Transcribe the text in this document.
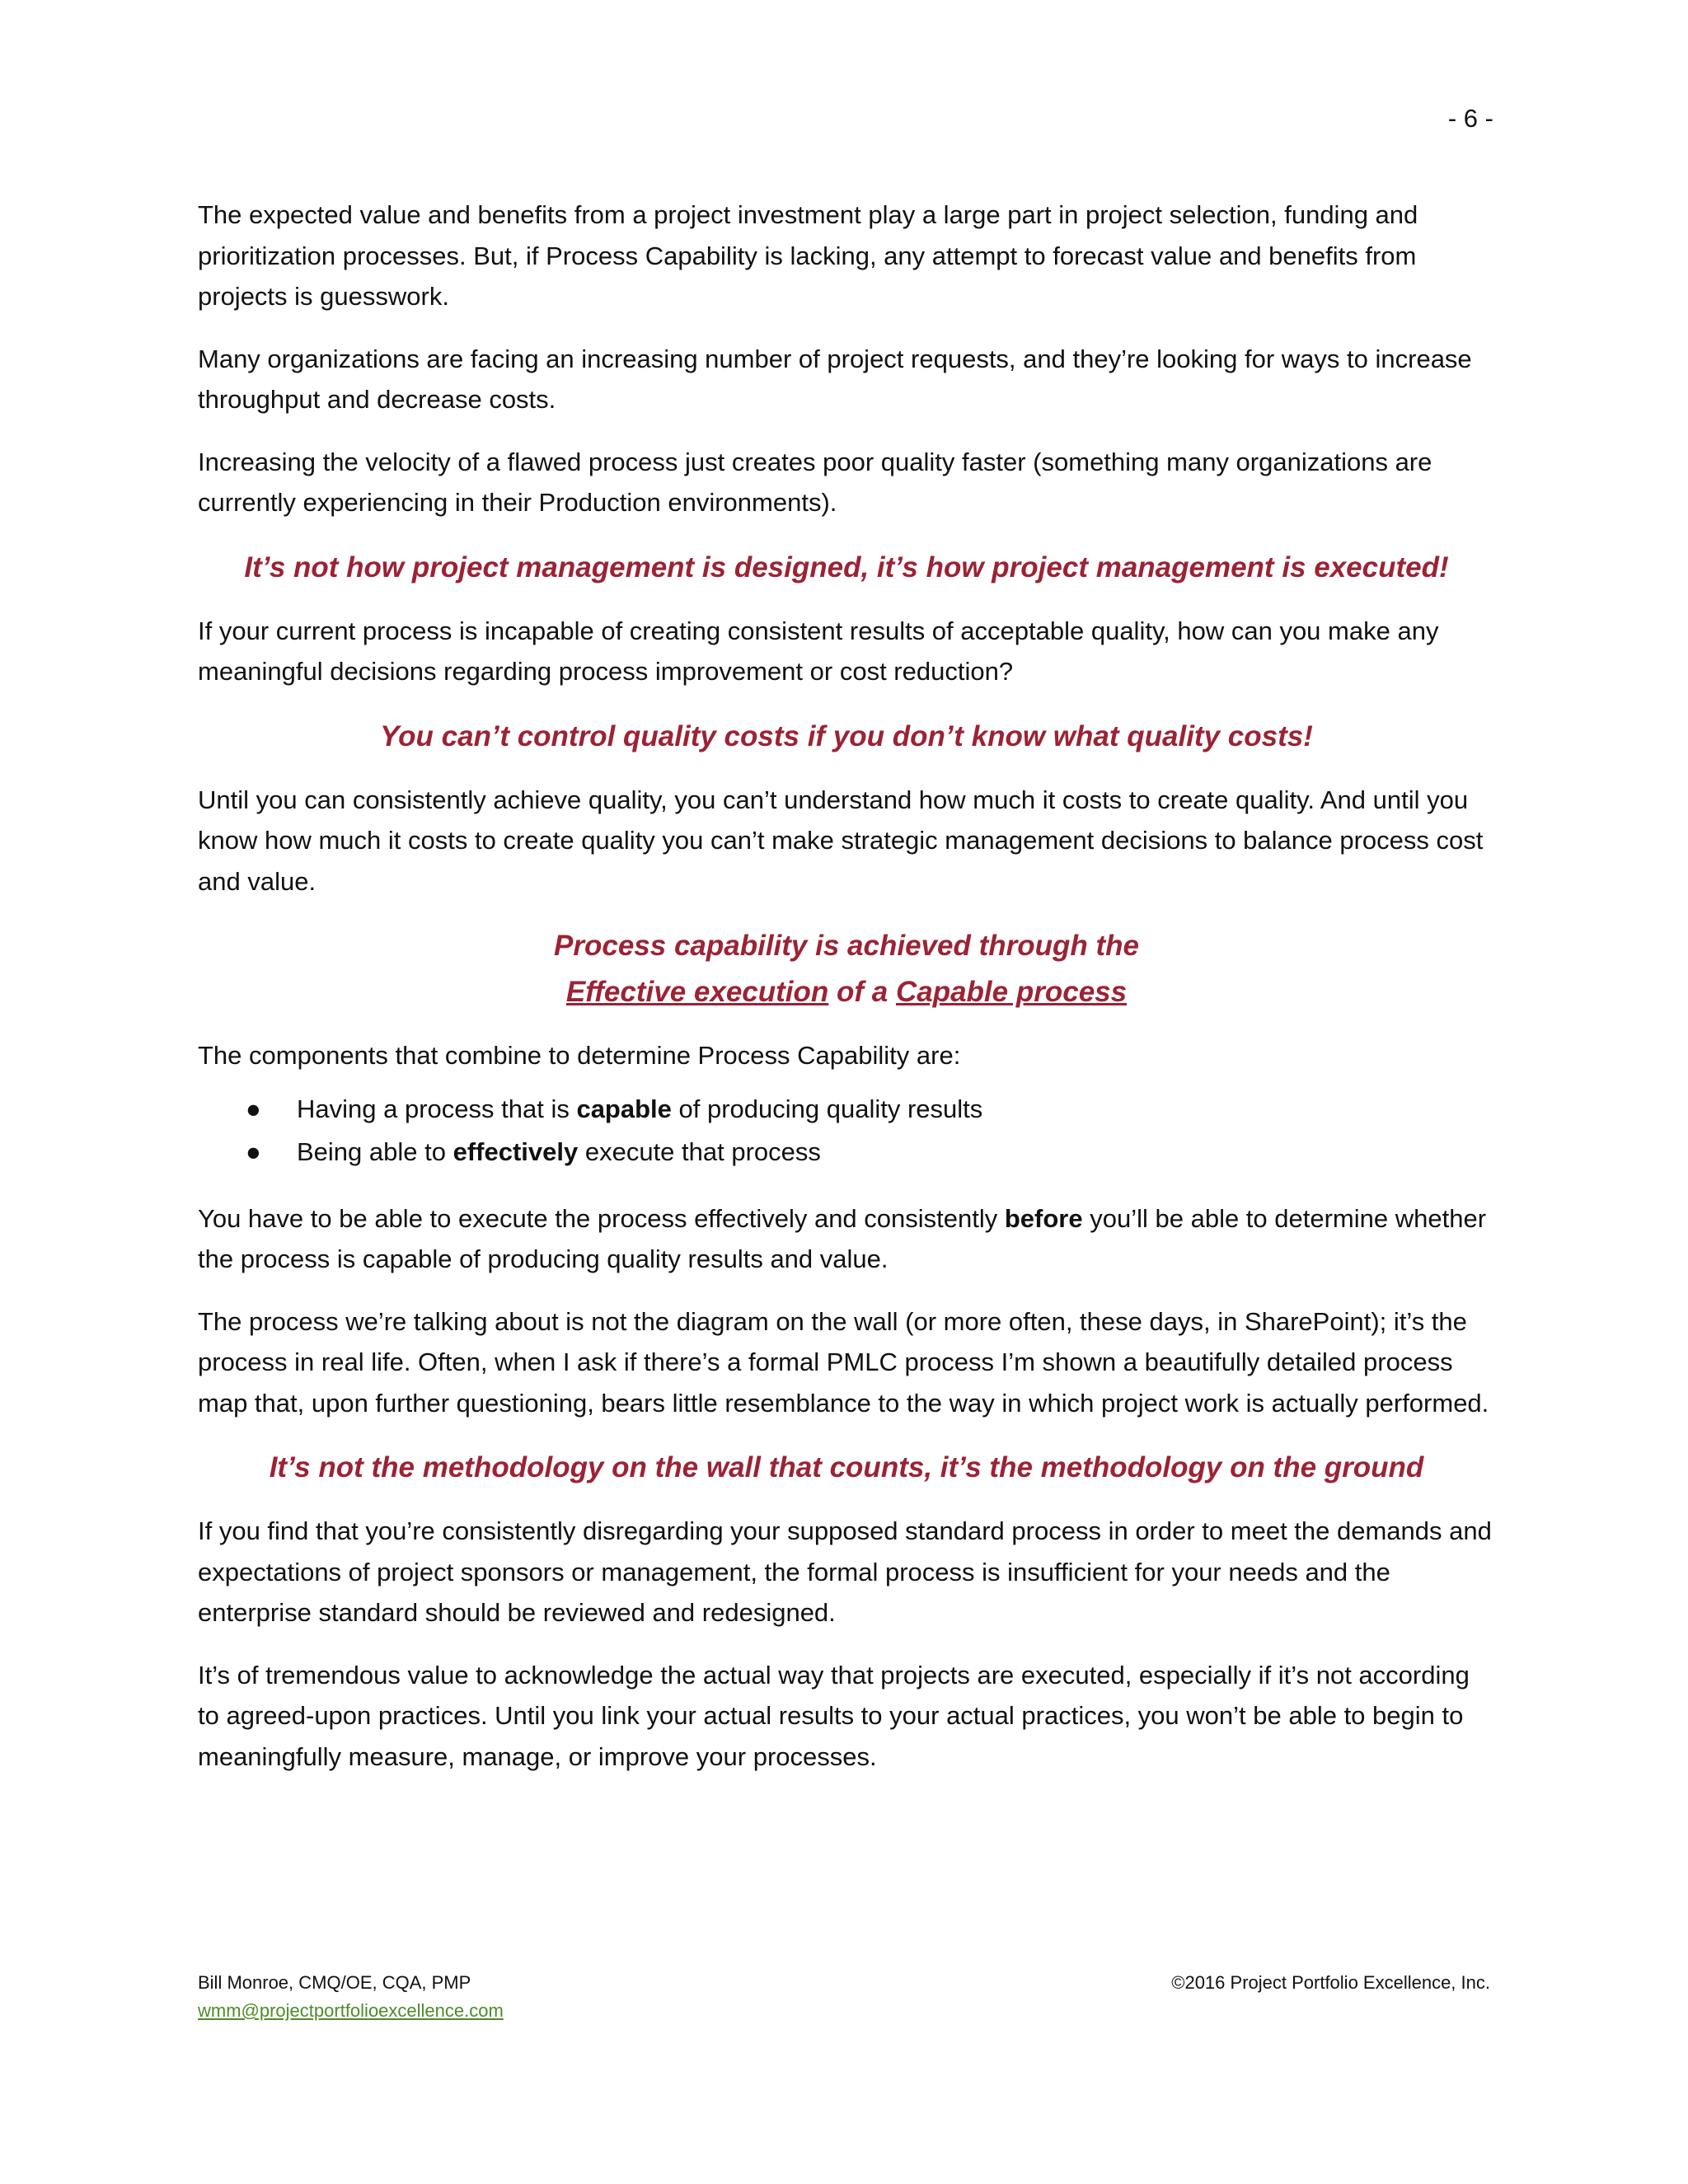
- 6 -

The expected value and benefits from a project investment play a large part in project selection, funding and prioritization processes. But, if Process Capability is lacking, any attempt to forecast value and benefits from projects is guesswork.

Many organizations are facing an increasing number of project requests, and they’re looking for ways to increase throughput and decrease costs.

Increasing the velocity of a flawed process just creates poor quality faster (something many organizations are currently experiencing in their Production environments).

It’s not how project management is designed, it’s how project management is executed!

If your current process is incapable of creating consistent results of acceptable quality, how can you make any meaningful decisions regarding process improvement or cost reduction?

You can’t control quality costs if you don’t know what quality costs!

Until you can consistently achieve quality, you can’t understand how much it costs to create quality. And until you know how much it costs to create quality you can’t make strategic management decisions to balance process cost and value.

Process capability is achieved through the
Effective execution of a Capable process

The components that combine to determine Process Capability are:

● Having a process that is capable of producing quality results
● Being able to effectively execute that process

You have to be able to execute the process effectively and consistently before you’ll be able to determine whether the process is capable of producing quality results and value.

The process we’re talking about is not the diagram on the wall (or more often, these days, in SharePoint); it’s the process in real life. Often, when I ask if there’s a formal PMLC process I’m shown a beautifully detailed process map that, upon further questioning, bears little resemblance to the way in which project work is actually performed.

It’s not the methodology on the wall that counts, it’s the methodology on the ground

If you find that you’re consistently disregarding your supposed standard process in order to meet the demands and expectations of project sponsors or management, the formal process is insufficient for your needs and the enterprise standard should be reviewed and redesigned.

It’s of tremendous value to acknowledge the actual way that projects are executed, especially if it’s not according to agreed-upon practices. Until you link your actual results to your actual practices, you won’t be able to begin to meaningfully measure, manage, or improve your processes.

Bill Monroe, CMQ/OE, CQA, PMP
wmm@projectportfolioexcellence.com
©2016 Project Portfolio Excellence, Inc.
